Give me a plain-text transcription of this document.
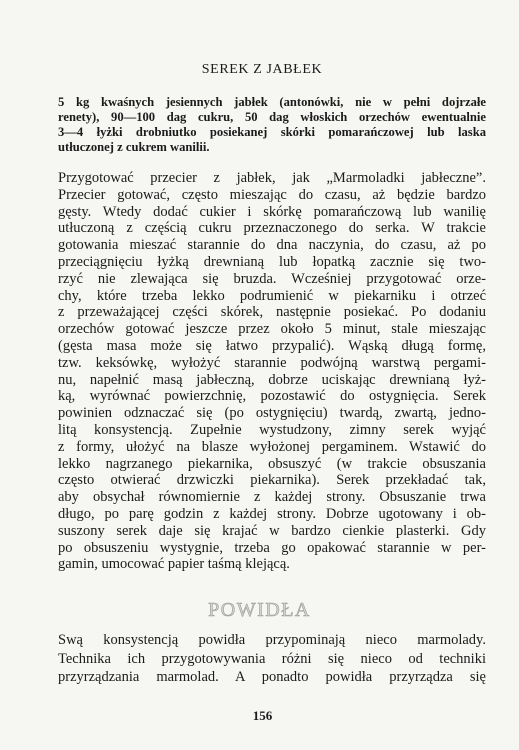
SEREK Z JABŁEK
5 kg kwaśnych jesiennych jabłek (antonówki, nie w pełni dojrzałe
renety), 90—100 dag cukru, 50 dag włoskich orzechów ewentualnie
3—4 łyżki drobniutko posiekanej skórki pomarańczowej lub laska
utłuczonej z cukrem wanilii.
Przygotować przecier z jabłek, jak „Marmoladki jabłeczne”.
Przecier gotować, często mieszając do czasu, aż będzie bardzo
gęsty. Wtedy dodać cukier i skórkę pomarańczową lub wanilię
utłuczoną z częścią cukru przeznaczonego do serka. W trakcie
gotowania mieszać starannie do dna naczynia, do czasu, aż po
przeciągnięciu łyżką drewnianą lub łopatką zacznie się two-
rzyć nie zlewająca się bruzda. Wcześniej przygotować orze-
chy, które trzeba lekko podrumienić w piekarniku i otrzeć
z przeważającej części skórek, następnie posiekać. Po dodaniu
orzechów gotować jeszcze przez około 5 minut, stale mieszając
(gęsta masa może się łatwo przypalić). Wąską długą formę,
tzw. keksówkę, wyłożyć starannie podwójną warstwą pergami-
nu, napełnić masą jabłeczną, dobrze uciskając drewnianą łyż-
ką, wyrównać powierzchnię, pozostawić do ostygnięcia. Serek
powinien odznaczać się (po ostygnięciu) twardą, zwartą, jedno-
litą konsystencją. Zupełnie wystudzony, zimny serek wyjąć
z formy, ułożyć na blasze wyłożonej pergaminem. Wstawić do
lekko nagrzanego piekarnika, obsuszyć (w trakcie obsuszania
często otwierać drzwiczki piekarnika). Serek przekładać tak,
aby obsychał równomiernie z każdej strony. Obsuszanie trwa
długo, po parę godzin z każdej strony. Dobrze ugotowany i ob-
suszony serek daje się krajać w bardzo cienkie plasterki. Gdy
po obsuszeniu wystygnie, trzeba go opakować starannie w per-
gamin, umocować papier taśmą klejącą.
POWIDŁA
Swą konsystencją powidła przypominają nieco marmolady.
Technika ich przygotowywania różni się nieco od techniki
przyrządzania marmolad. A ponadto powidła przyrządza się
156
